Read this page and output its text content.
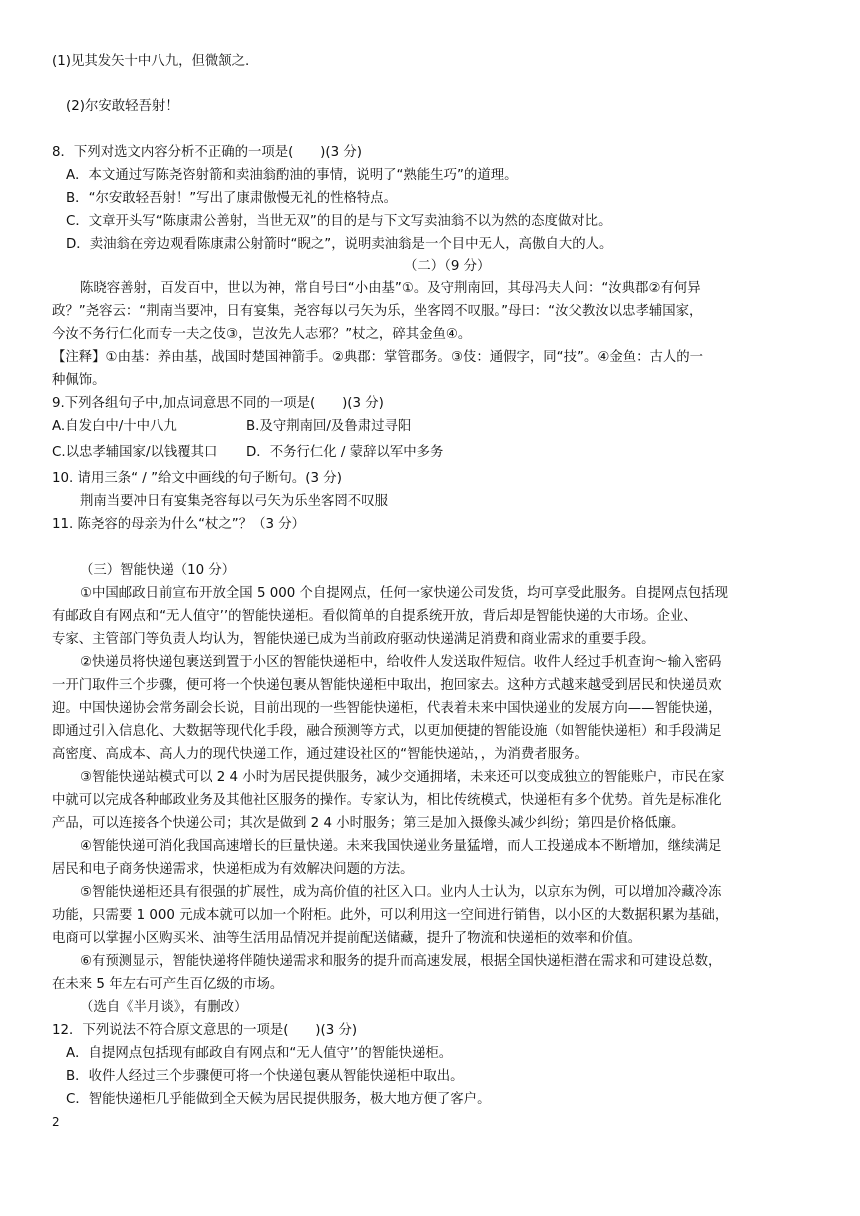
(1)见其发矢十中八九，但微颔之.
(2)尔安敢轻吾射！
8．下列对选文内容分析不正确的一项是(　　)(3 分)
A．本文通过写陈尧咨射箭和卖油翁酌油的事情，说明了“熟能生巧”的道理。
B．“尔安敢轻吾射！”写出了康肃傲慢无礼的性格特点。
C．文章开头写“陈康肃公善射，当世无双”的目的是与下文写卖油翁不以为然的态度做对比。
D．卖油翁在旁边观看陈康肃公射箭时“睨之”，说明卖油翁是一个目中无人，高傲自大的人。
（二）（9 分）
陈晓容善射，百发百中，世以为神，常自号曰“小由基”①。及守荆南回，其母冯夫人问：“汝典郡②有何异
政？”尧容云：“荆南当要冲，日有宴集，尧容每以弓矢为乐，坐客罔不叹服。”母曰：“汝父教汝以忠孝辅国家，
今汝不务行仁化而专一夫之伎③，岂汝先人志邪？”杖之，碎其金鱼④。
【注释】①由基：养由基，战国时楚国神箭手。②典郡：掌管郡务。③伎：通假字，同“技”。④金鱼：古人的一
种佩饰。
9.下列各组句子中,加点词意思不同的一项是(　　)(3 分)
A.自发白中/十中八九	B.及守荆南回/及鲁肃过寻阳
C.以忠孝辅国家/以钱覆其口 D．不务行仁化 / 蒙辞以军中多务
10. 请用三条“ / ”给文中画线的句子断句。(3 分)
荆南当要冲日有宴集尧容每以弓矢为乐坐客罔不叹服
11. 陈尧容的母亲为什么“杖之”？（3 分）
（三）智能快递（10 分）
①中国邮政日前宣布开放全国 5 000 个自提网点，任何一家快递公司发货，均可享受此服务。自提网点包括现
有邮政自有网点和“无人值守’’的智能快递柜。看似简单的自提系统开放，背后却是智能快递的大市场。企业、
专家、主管部门等负责人均认为，智能快递已成为当前政府驱动快递满足消费和商业需求的重要手段。
②快递员将快递包裹送到置于小区的智能快递柜中，给收件人发送取件短信。收件人经过手机查询～输入密码
一开门取件三个步骤，便可将一个快递包裹从智能快递柜中取出，抱回家去。这种方式越来越受到居民和快递员欢
迎。中国快递协会常务副会长说，目前出现的一些智能快递柜，代表着未来中国快递业的发展方向——智能快递，
即通过引入信息化、大数据等现代化手段，融合预测等方式，以更加便捷的智能设施（如智能快递柜）和手段满足
高密度、高成本、高人力的现代快递工作，通过建设社区的“智能快递站，，为消费者服务。
③智能快递站模式可以 2 4 小时为居民提供服务，减少交通拥堵，未来还可以变成独立的智能账户，市民在家
中就可以完成各种邮政业务及其他社区服务的操作。专家认为，相比传统模式，快递柜有多个优势。首先是标准化
产品，可以连接各个快递公司；其次是做到 2 4 小时服务；第三是加入摄像头减少纠纷；第四是价格低廉。
④智能快递可消化我国高速增长的巨量快递。未来我国快递业务量猛增，而人工投递成本不断增加，继续满足
居民和电子商务快递需求，快递柜成为有效解决问题的方法。
⑤智能快递柜还具有很强的扩展性，成为高价值的社区入口。业内人士认为，以京东为例，可以增加冷藏冷冻
功能，只需要 1 000 元成本就可以加一个附柜。此外，可以利用这一空间进行销售，以小区的大数据积累为基础，
电商可以掌握小区购买米、油等生活用品情况并提前配送储藏，提升了物流和快递柜的效率和价值。
⑥有预测显示，智能快递将伴随快递需求和服务的提升而高速发展，根据全国快递柜潜在需求和可建设总数，
在未来 5 年左右可产生百亿级的市场。
（选自《半月谈》，有删改）
12．下列说法不符合原文意思的一项是(　　)(3 分)
A．自提网点包括现有邮政自有网点和“无人值守’’的智能快递柜。
B．收件人经过三个步骤便可将一个快递包裹从智能快递柜中取出。
C．智能快递柜几乎能做到全天候为居民提供服务，极大地方便了客户。
2
